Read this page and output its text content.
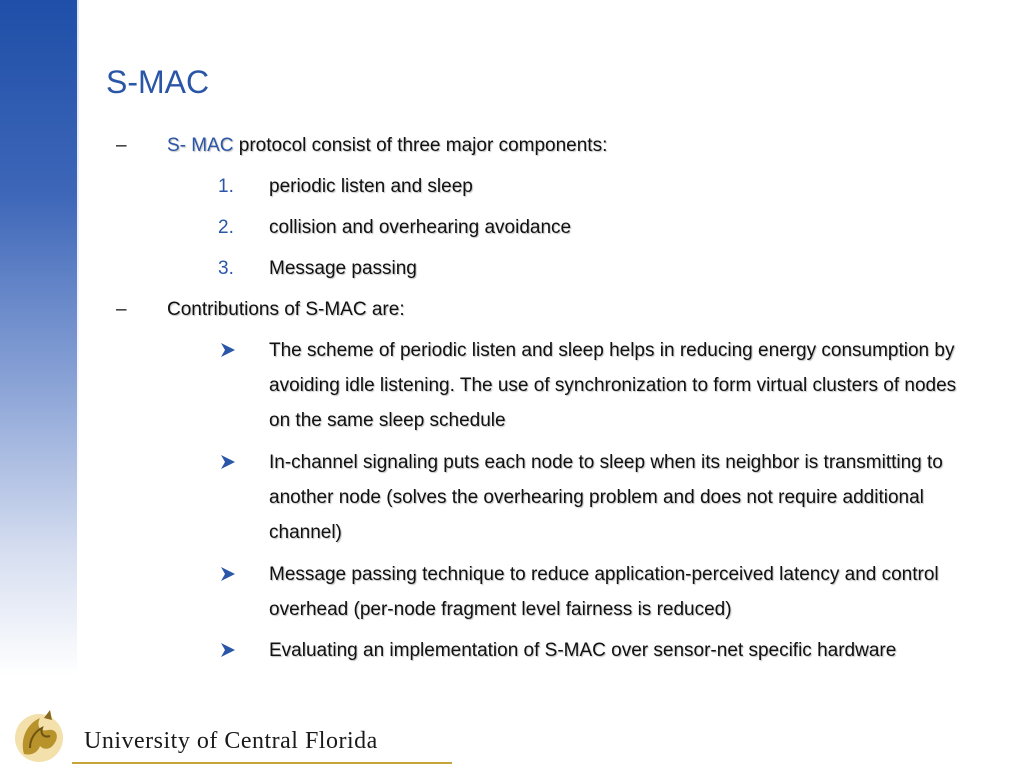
S-MAC
– S- MAC protocol consist of three major components:
1. periodic listen and sleep
2. collision and overhearing avoidance
3. Message passing
– Contributions of S-MAC are:
The scheme of periodic listen and sleep helps in reducing energy consumption by avoiding idle listening. The use of synchronization to form virtual clusters of nodes on the same sleep schedule
In-channel signaling puts each node to sleep when its neighbor is transmitting to another node (solves the overhearing problem and does not require additional channel)
Message passing technique to reduce application-perceived latency and control overhead (per-node fragment level fairness is reduced)
Evaluating an implementation of S-MAC over sensor-net specific hardware
University of Central Florida
